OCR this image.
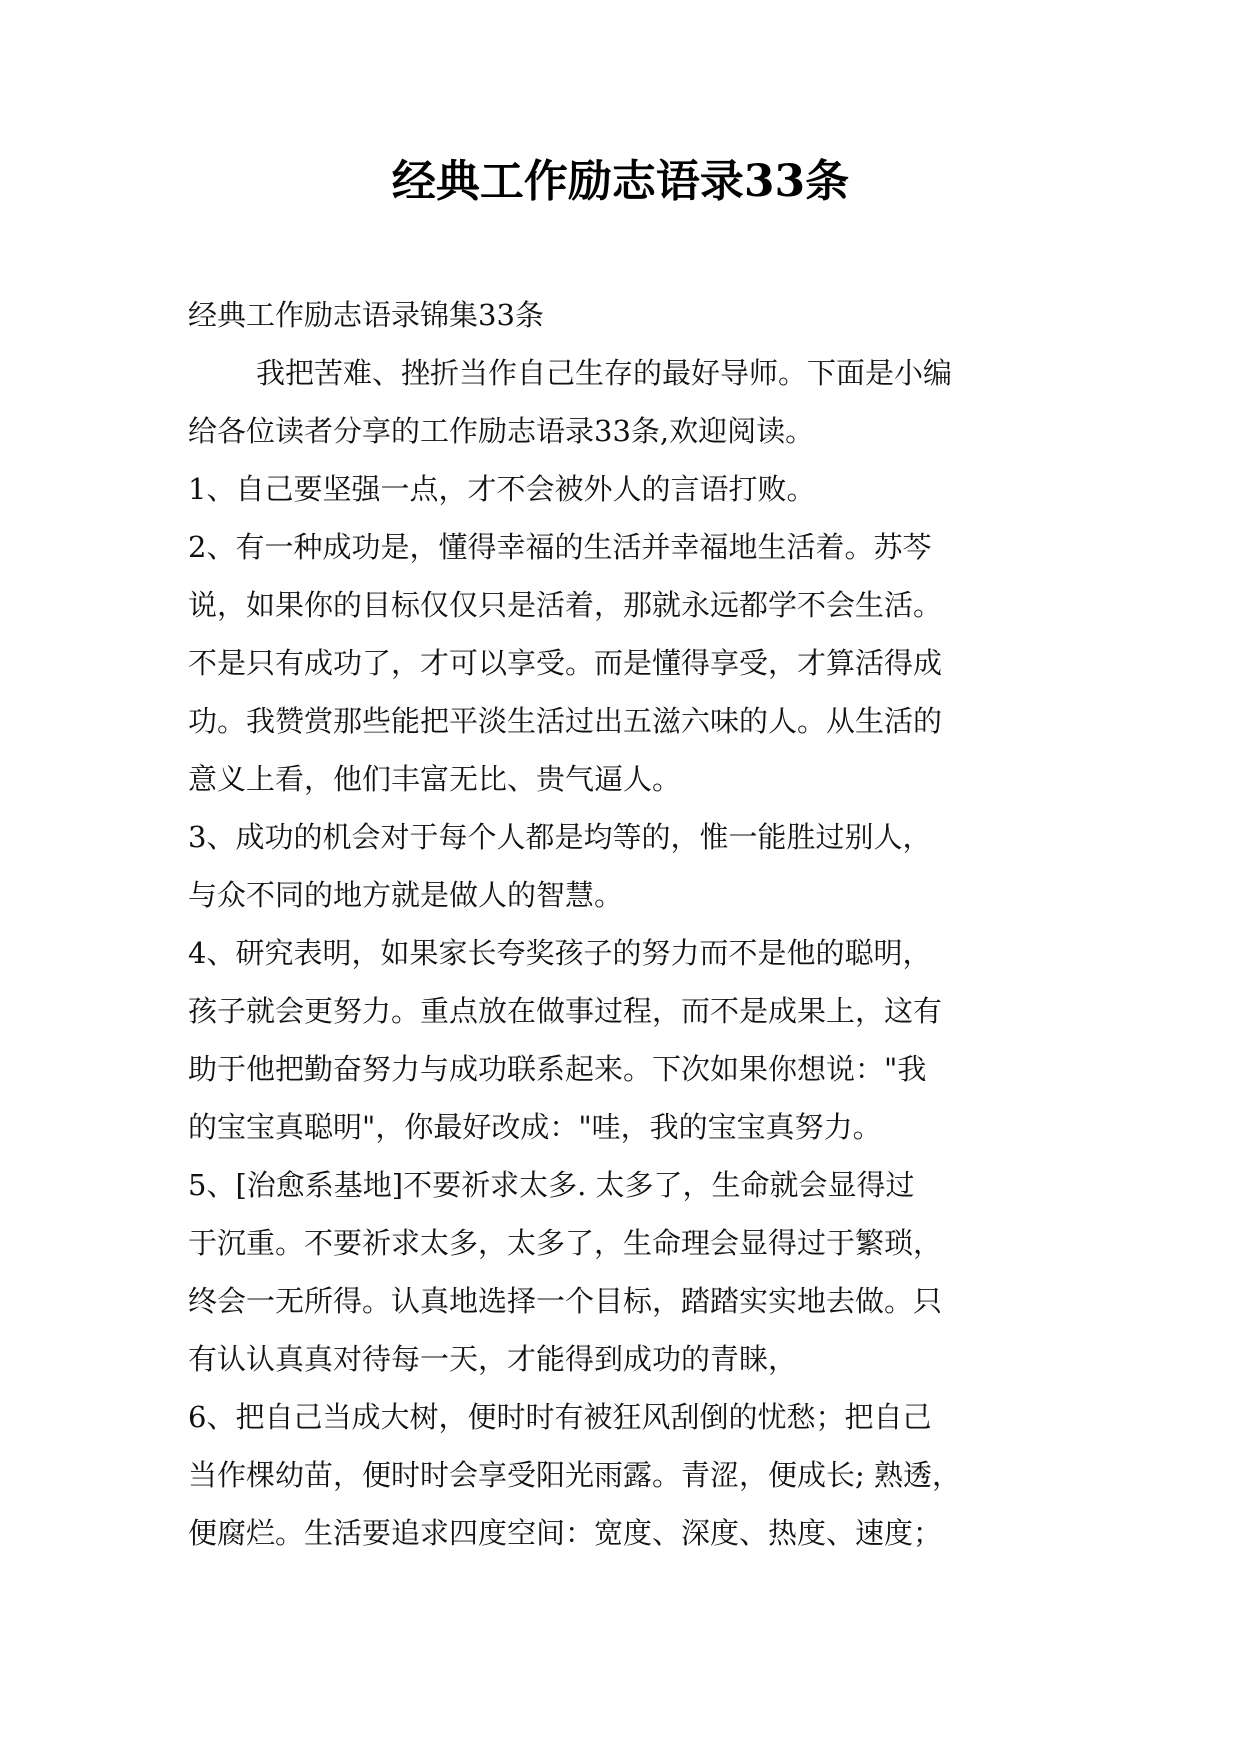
经典工作励志语录33条
经典工作励志语录锦集33条
我把苦难、挫折当作自己生存的最好导师。下面是小编
给各位读者分享的工作励志语录33条,欢迎阅读。
1、自己要坚强一点，才不会被外人的言语打败。
2、有一种成功是，懂得幸福的生活并幸福地生活着。苏芩
说，如果你的目标仅仅只是活着，那就永远都学不会生活。
不是只有成功了，才可以享受。而是懂得享受，才算活得成
功。我赞赏那些能把平淡生活过出五滋六味的人。从生活的
意义上看，他们丰富无比、贵气逼人。
3、成功的机会对于每个人都是均等的，惟一能胜过别人，
与众不同的地方就是做人的智慧。
4、研究表明，如果家长夸奖孩子的努力而不是他的聪明，
孩子就会更努力。重点放在做事过程，而不是成果上，这有
助于他把勤奋努力与成功联系起来。下次如果你想说："我
的宝宝真聪明"，你最好改成："哇，我的宝宝真努力。
5、[治愈系基地]不要祈求太多. 太多了，生命就会显得过
于沉重。不要祈求太多，太多了，生命理会显得过于繁琐，
终会一无所得。认真地选择一个目标，踏踏实实地去做。只
有认认真真对待每一天，才能得到成功的青睐，
6、把自己当成大树，便时时有被狂风刮倒的忧愁；把自己
当作棵幼苗，便时时会享受阳光雨露。青涩，便成长; 熟透，
便腐烂。生活要追求四度空间：宽度、深度、热度、速度；
